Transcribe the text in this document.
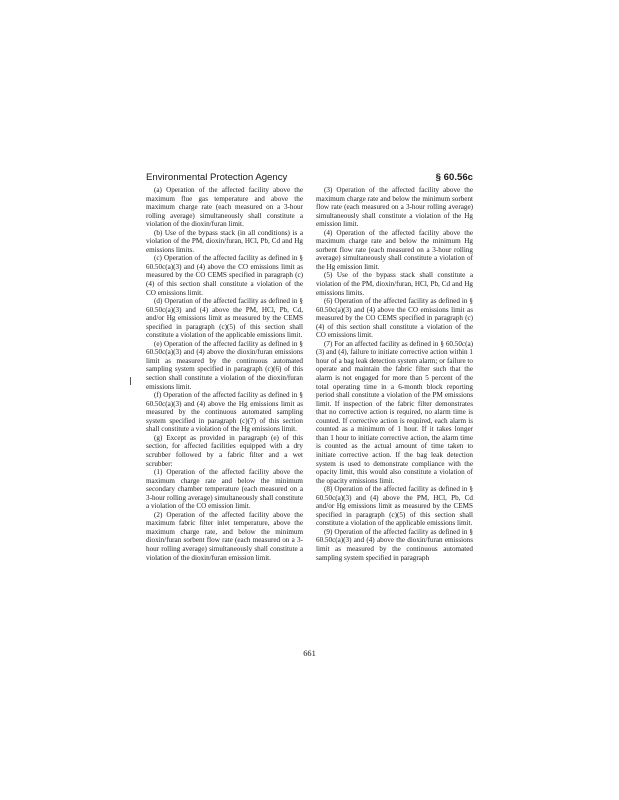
Environmental Protection Agency	§ 60.56c

(a) Operation of the affected facility above the maximum flue gas temperature and above the maximum charge rate (each measured on a 3-hour rolling average) simultaneously shall constitute a violation of the dioxin/furan limit.

(b) Use of the bypass stack (in all conditions) is a violation of the PM, dioxin/furan, HCl, Pb, Cd and Hg emissions limits.

(c) Operation of the affected facility as defined in § 60.50c(a)(3) and (4) above the CO emissions limit as measured by the CO CEMS specified in paragraph (c)(4) of this section shall constitute a violation of the CO emissions limit.

(d) Operation of the affected facility as defined in § 60.50c(a)(3) and (4) above the PM, HCl, Pb, Cd, and/or Hg emissions limit as measured by the CEMS specified in paragraph (c)(5) of this section shall constitute a violation of the applicable emissions limit.

(e) Operation of the affected facility as defined in § 60.50c(a)(3) and (4) above the dioxin/furan emissions limit as measured by the continuous automated sampling system specified in paragraph (c)(6) of this section shall constitute a violation of the dioxin/furan emissions limit.

(f) Operation of the affected facility as defined in § 60.50c(a)(3) and (4) above the Hg emissions limit as measured by the continuous automated sampling system specified in paragraph (c)(7) of this section shall constitute a violation of the Hg emissions limit.

(g) Except as provided in paragraph (e) of this section, for affected facilities equipped with a dry scrubber followed by a fabric filter and a wet scrubber:

(1) Operation of the affected facility above the maximum charge rate and below the minimum secondary chamber temperature (each measured on a 3-hour rolling average) simultaneously shall constitute a violation of the CO emission limit.

(2) Operation of the affected facility above the maximum fabric filter inlet temperature, above the maximum charge rate, and below the minimum dioxin/furan sorbent flow rate (each measured on a 3-hour rolling average) simultaneously shall constitute a violation of the dioxin/furan emission limit.

(3) Operation of the affected facility above the maximum charge rate and below the minimum sorbent flow rate (each measured on a 3-hour rolling average) simultaneously shall constitute a violation of the Hg emission limit.

(4) Operation of the affected facility above the maximum charge rate and below the minimum Hg sorbent flow rate (each measured on a 3-hour rolling average) simultaneously shall constitute a violation of the Hg emission limit.

(5) Use of the bypass stack shall constitute a violation of the PM, dioxin/furan, HCl, Pb, Cd and Hg emissions limits.

(6) Operation of the affected facility as defined in § 60.50c(a)(3) and (4) above the CO emissions limit as measured by the CO CEMS specified in paragraph (c)(4) of this section shall constitute a violation of the CO emissions limit.

(7) For an affected facility as defined in § 60.50c(a)(3) and (4), failure to initiate corrective action within 1 hour of a bag leak detection system alarm; or failure to operate and maintain the fabric filter such that the alarm is not engaged for more than 5 percent of the total operating time in a 6-month block reporting period shall constitute a violation of the PM emissions limit. If inspection of the fabric filter demonstrates that no corrective action is required, no alarm time is counted. If corrective action is required, each alarm is counted as a minimum of 1 hour. If it takes longer than 1 hour to initiate corrective action, the alarm time is counted as the actual amount of time taken to initiate corrective action. If the bag leak detection system is used to demonstrate compliance with the opacity limit, this would also constitute a violation of the opacity emissions limit.

(8) Operation of the affected facility as defined in § 60.50c(a)(3) and (4) above the PM, HCl, Pb, Cd and/or Hg emissions limit as measured by the CEMS specified in paragraph (c)(5) of this section shall constitute a violation of the applicable emissions limit.

(9) Operation of the affected facility as defined in § 60.50c(a)(3) and (4) above the dioxin/furan emissions limit as measured by the continuous automated sampling system specified in paragraph

661
